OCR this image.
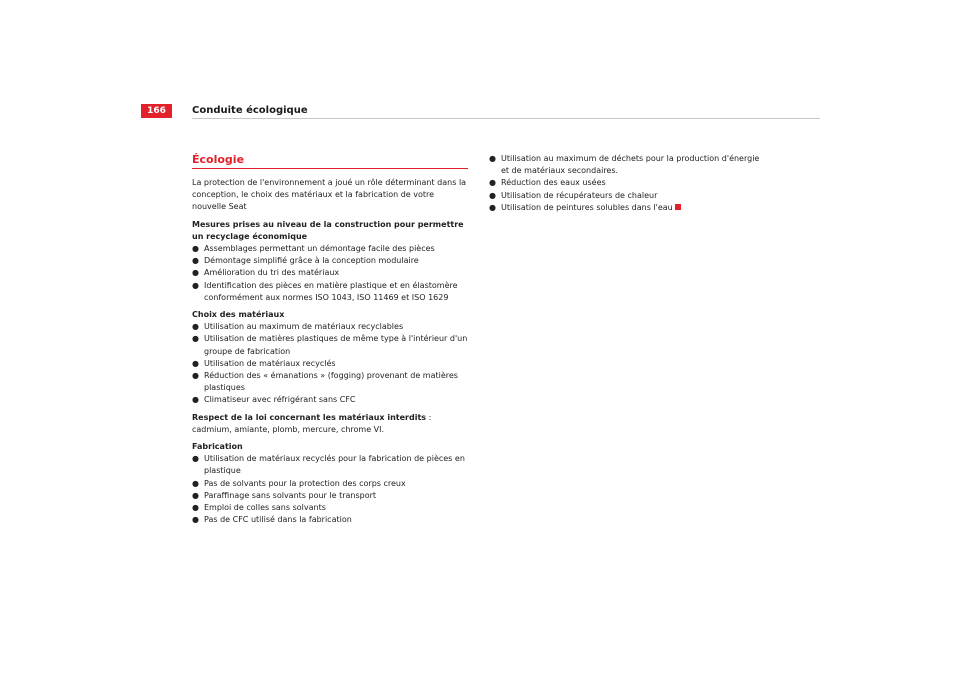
166	Conduite écologique
Écologie

La protection de l'environnement a joué un rôle déterminant dans la conception, le choix des matériaux et la fabrication de votre nouvelle Seat

Mesures prises au niveau de la construction pour permettre un recyclage économique

● Assemblages permettant un démontage facile des pièces

● Démontage simplifié grâce à la conception modulaire

● Amélioration du tri des matériaux

● Identification des pièces en matière plastique et en élastomère conformément aux normes ISO 1043, ISO 11469 et ISO 1629

Choix des matériaux

● Utilisation au maximum de matériaux recyclables

● Utilisation de matières plastiques de même type à l'intérieur d'un groupe de fabrication

● Utilisation de matériaux recyclés

● Réduction des « émanations » (fogging) provenant de matières plastiques

● Climatiseur avec réfrigérant sans CFC

Respect de la loi concernant les matériaux interdits : cadmium, amiante, plomb, mercure, chrome VI.

Fabrication

● Utilisation de matériaux recyclés pour la fabrication de pièces en plastique

● Pas de solvants pour la protection des corps creux

● Paraffinage sans solvants pour le transport

● Emploi de colles sans solvants

● Pas de CFC utilisé dans la fabrication

● Utilisation au maximum de déchets pour la production d'énergie et de matériaux secondaires.

● Réduction des eaux usées

● Utilisation de récupérateurs de chaleur

● Utilisation de peintures solubles dans l'eau
